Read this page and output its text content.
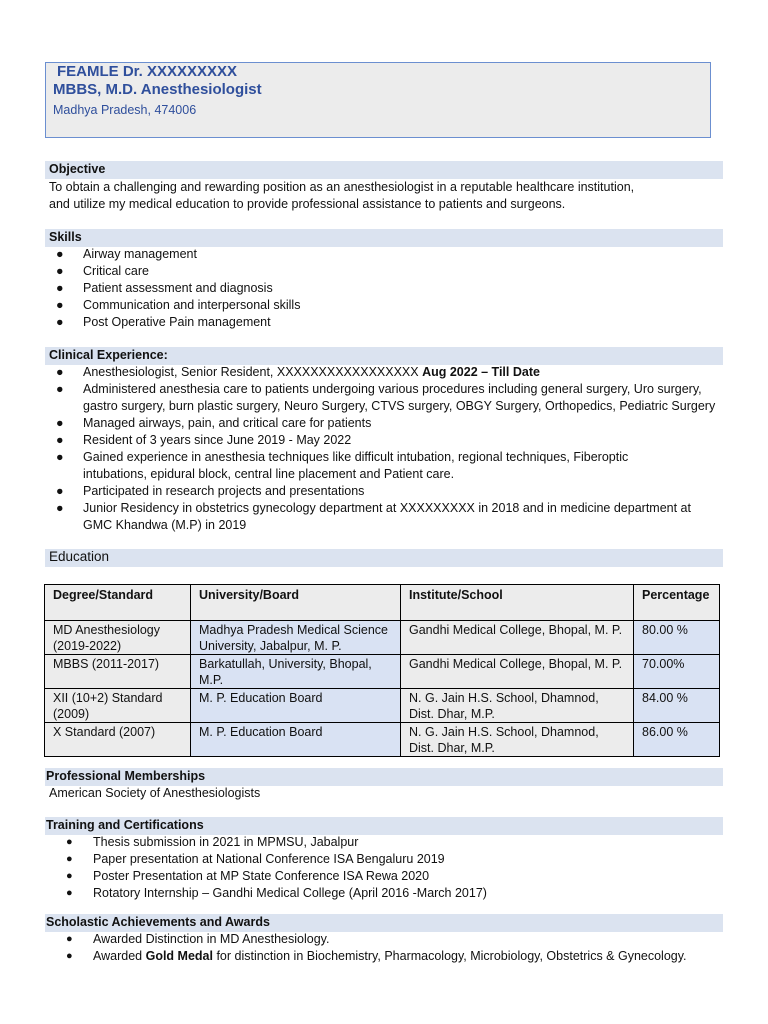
FEAMLE Dr. XXXXXXXXX
MBBS, M.D. Anesthesiologist
Madhya Pradesh, 474006
Objective
To obtain a challenging and rewarding position as an anesthesiologist in a reputable healthcare institution,
and utilize my medical education to provide professional assistance to patients and surgeons.
Skills
● Airway management
● Critical care
● Patient assessment and diagnosis
● Communication and interpersonal skills
● Post Operative Pain management
Clinical Experience:
● Anesthesiologist, Senior Resident, XXXXXXXXXXXXXXXXX Aug 2022 – Till Date
● Administered anesthesia care to patients undergoing various procedures including general surgery, Uro surgery,
gastro surgery, burn plastic surgery, Neuro Surgery, CTVS surgery, OBGY Surgery, Orthopedics, Pediatric Surgery
● Managed airways, pain, and critical care for patients
● Resident of 3 years since June 2019 - May 2022
● Gained experience in anesthesia techniques like difficult intubation, regional techniques, Fiberoptic
intubations, epidural block, central line placement and Patient care.
● Participated in research projects and presentations
● Junior Residency in obstetrics gynecology department at XXXXXXXXX in 2018 and in medicine department at
GMC Khandwa (M.P) in 2019
Education
Degree/Standard	University/Board	Institute/School	Percentage
MD Anesthesiology (2019-2022)	Madhya Pradesh Medical Science University, Jabalpur, M. P.	Gandhi Medical College, Bhopal, M. P.	80.00 %
MBBS (2011-2017)	Barkatullah, University, Bhopal, M.P.	Gandhi Medical College, Bhopal, M. P.	70.00%
XII (10+2) Standard (2009)	M. P. Education Board	N. G. Jain H.S. School, Dhamnod, Dist. Dhar, M.P.	84.00 %
X Standard (2007)	M. P. Education Board	N. G. Jain H.S. School, Dhamnod, Dist. Dhar, M.P.	86.00 %
Professional Memberships
American Society of Anesthesiologists
Training and Certifications
● Thesis submission in 2021 in MPMSU, Jabalpur
● Paper presentation at National Conference ISA Bengaluru 2019
● Poster Presentation at MP State Conference ISA Rewa 2020
● Rotatory Internship – Gandhi Medical College (April 2016 -March 2017)
Scholastic Achievements and Awards
● Awarded Distinction in MD Anesthesiology.
● Awarded Gold Medal for distinction in Biochemistry, Pharmacology, Microbiology, Obstetrics & Gynecology.
